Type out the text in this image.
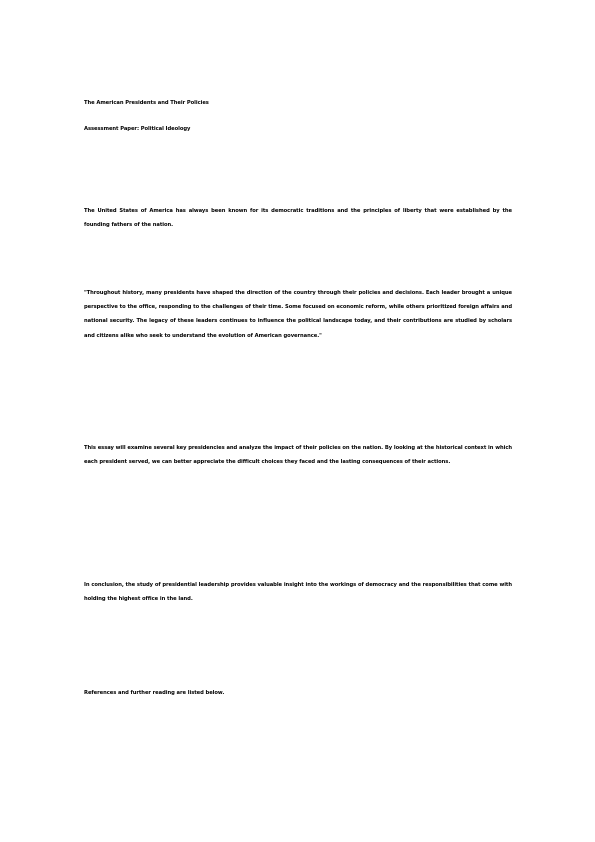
The American Presidents and Their Policies
Assessment Paper: Political Ideology
The United States of America has always been known for its democratic traditions and the principles of liberty that were established by the founding fathers of the nation.
"Throughout history, many presidents have shaped the direction of the country through their policies and decisions. Each leader brought a unique perspective to the office, responding to the challenges of their time. Some focused on economic reform, while others prioritized foreign affairs and national security. The legacy of these leaders continues to influence the political landscape today, and their contributions are studied by scholars and citizens alike who seek to understand the evolution of American governance."
This essay will examine several key presidencies and analyze the impact of their policies on the nation. By looking at the historical context in which each president served, we can better appreciate the difficult choices they faced and the lasting consequences of their actions.
In conclusion, the study of presidential leadership provides valuable insight into the workings of democracy and the responsibilities that come with holding the highest office in the land.
References and further reading are listed below.
